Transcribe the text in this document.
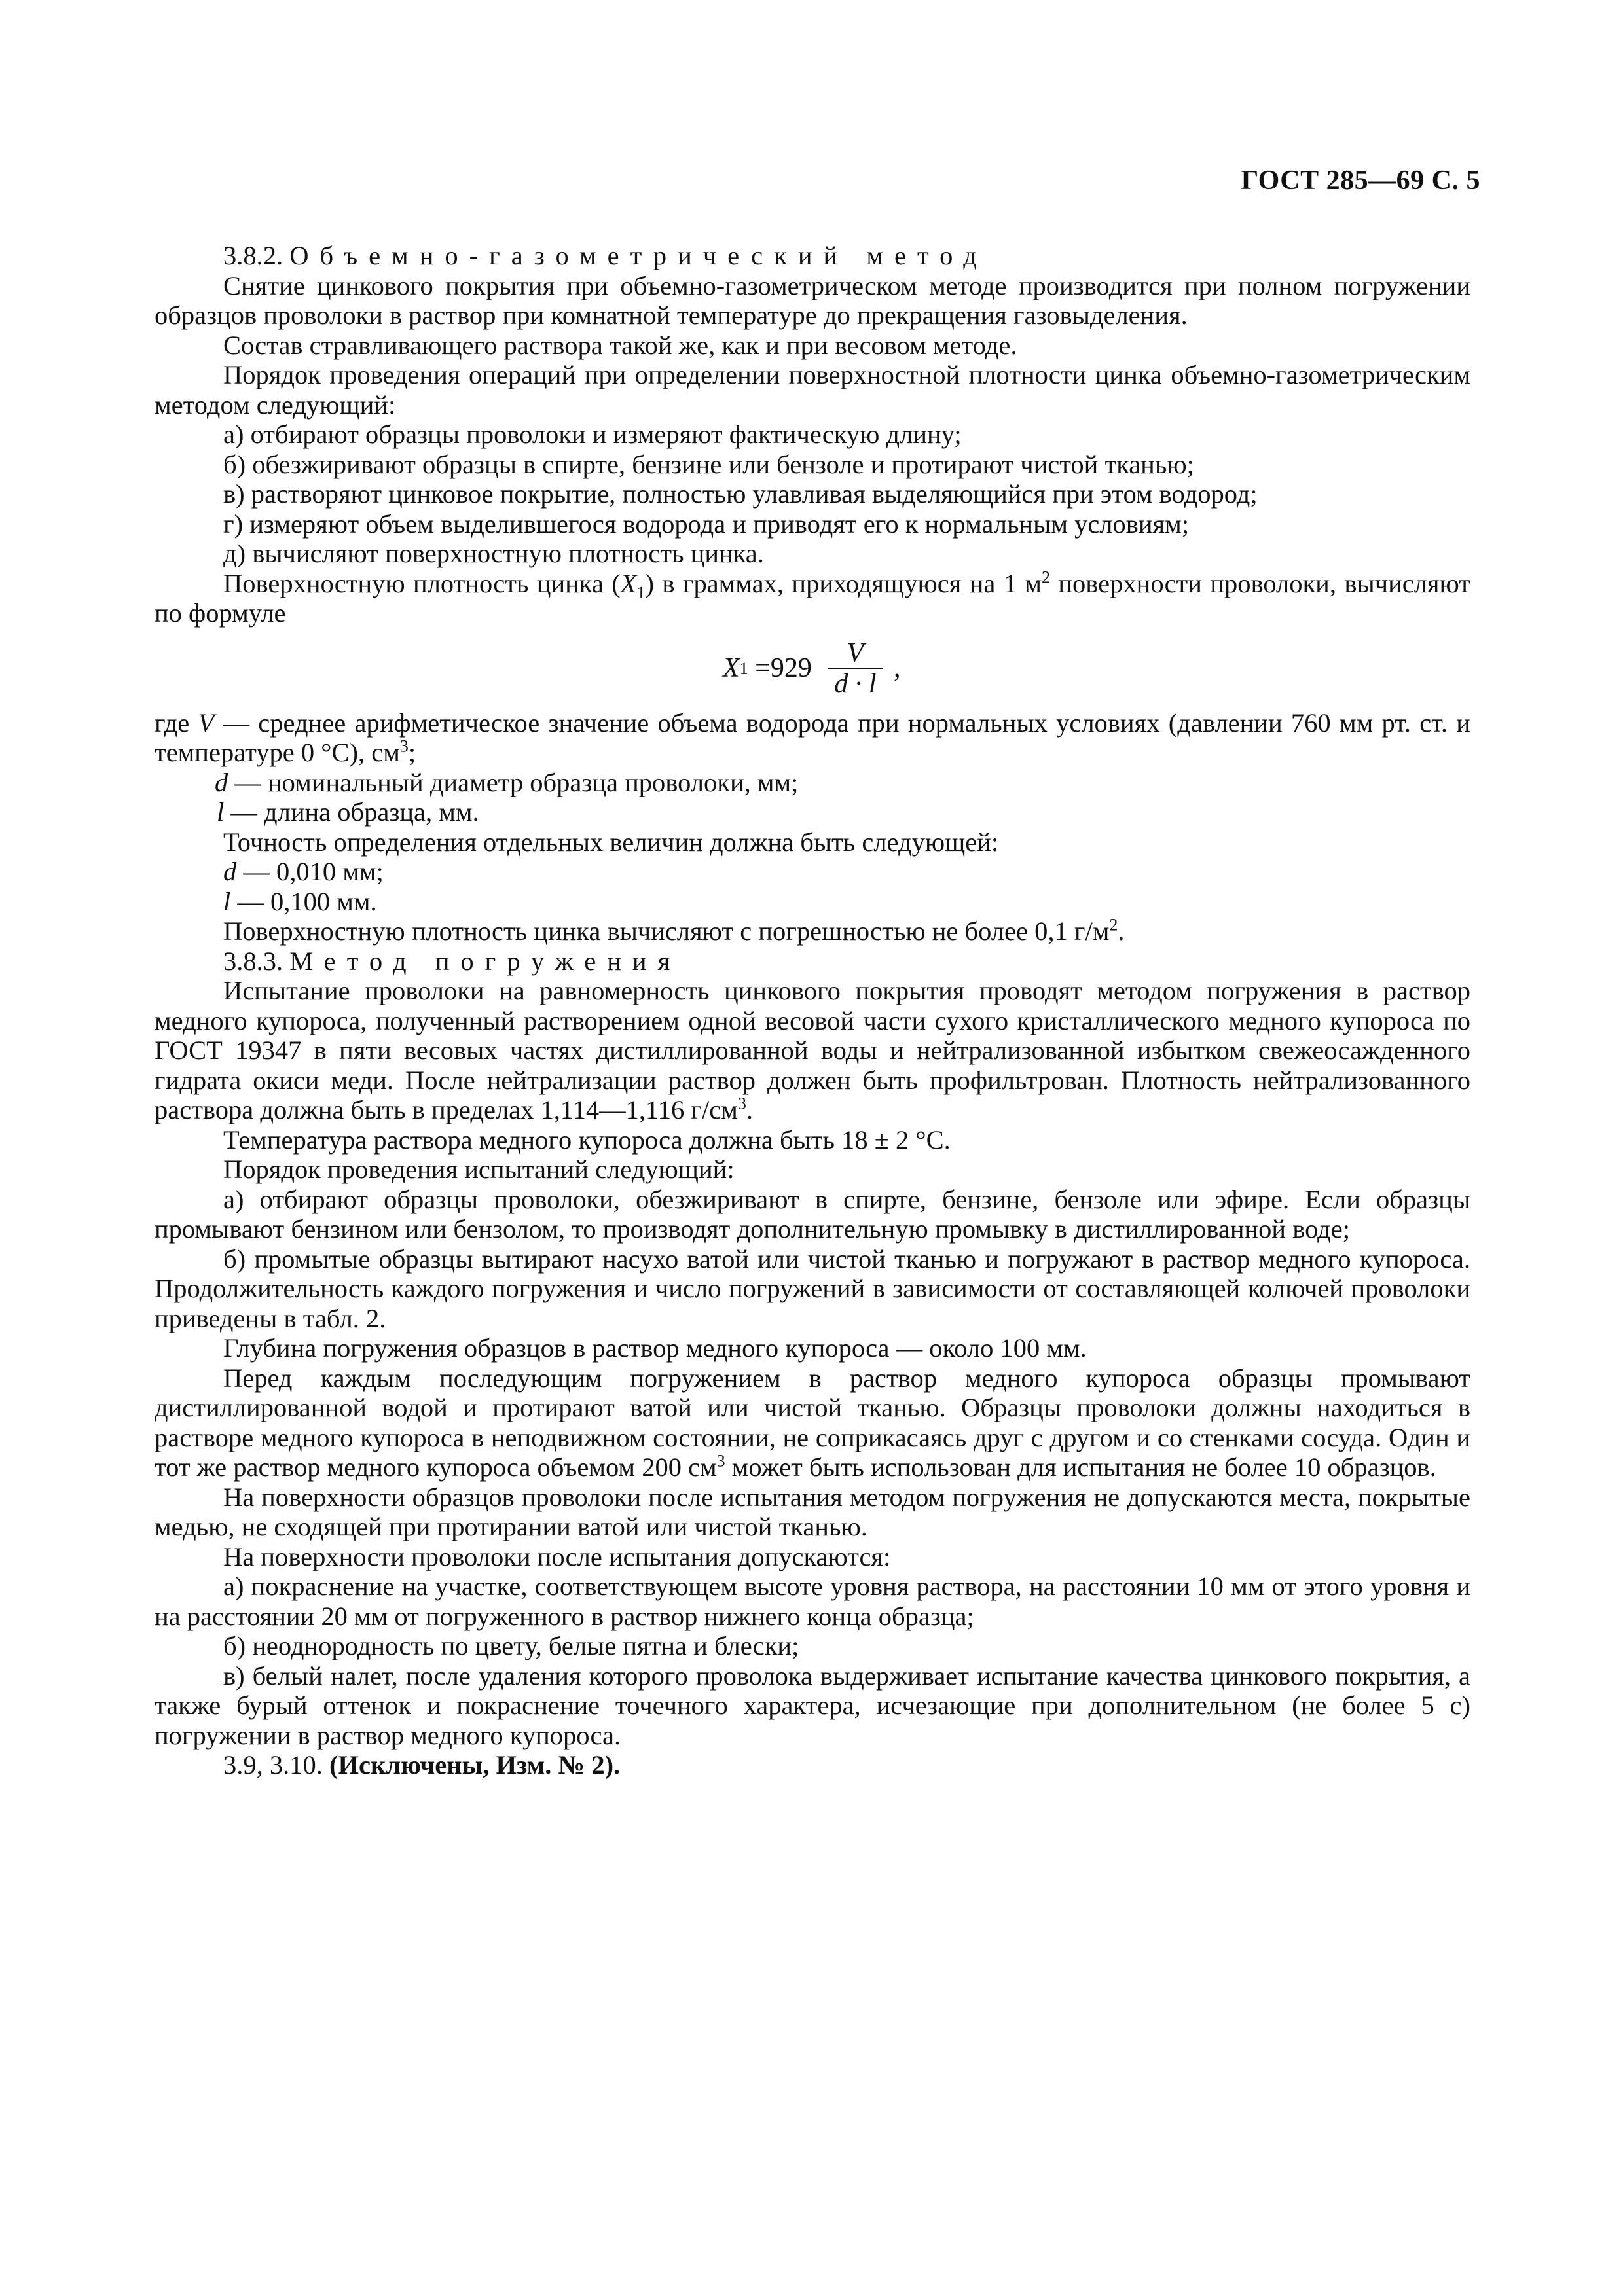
ГОСТ 285—69 С. 5

3.8.2. Объемно-газометрический метод

Снятие цинкового покрытия при объемно-газометрическом методе производится при полном погружении образцов проволоки в раствор при комнатной температуре до прекращения газовыделения.

Состав стравливающего раствора такой же, как и при весовом методе.

Порядок проведения операций при определении поверхностной плотности цинка объемно-газометрическим методом следующий:

а) отбирают образцы проволоки и измеряют фактическую длину;

б) обезжиривают образцы в спирте, бензине или бензоле и протирают чистой тканью;

в) растворяют цинковое покрытие, полностью улавливая выделяющийся при этом водород;

г) измеряют объем выделившегося водорода и приводят его к нормальным условиям;

д) вычисляют поверхностную плотность цинка.

Поверхностную плотность цинка $(X_1)$ в граммах, приходящуюся на 1 $м^2$ поверхности проволоки, вычисляют по формуле

X $1 =929 \frac{V}{d \cdot l}$ ,

где V — среднее арифметическое значение объема водорода при нормальных условиях (давлении 760 мм рт. ст. и температуре 0 °С), $см^3$;

d — номинальный диаметр образца проволоки, мм;

l — длина образца, мм.

Точность определения отдельных величин должна быть следующей:

d — 0,010 мм;

l — 0,100 мм.

Поверхностную плотность цинка вычисляют с погрешностью не более 0,1 $г/м^2$.

3.8.3. Метод погружения

Испытание проволоки на равномерность цинкового покрытия проводят методом погружения в раствор медного купороса, полученный растворением одной весовой части сухого кристаллического медного купороса по ГОСТ 19347 в пяти весовых частях дистиллированной воды и нейтрализованной избытком свежеосажденного гидрата окиси меди. После нейтрализации раствор должен быть профильтрован. Плотность нейтрализованного раствора должна быть в пределах 1,114—1,116 $г/см^3$.

Температура раствора медного купороса должна быть 18 ± 2 °С.

Порядок проведения испытаний следующий:

а) отбирают образцы проволоки, обезжиривают в спирте, бензине, бензоле или эфире. Если образцы промывают бензином или бензолом, то производят дополнительную промывку в дистиллированной воде;

б) промытые образцы вытирают насухо ватой или чистой тканью и погружают в раствор медного купороса. Продолжительность каждого погружения и число погружений в зависимости от составляющей колючей проволоки приведены в табл. 2.

Глубина погружения образцов в раствор медного купороса — около 100 мм.

Перед каждым последующим погружением в раствор медного купороса образцы промывают дистиллированной водой и протирают ватой или чистой тканью. Образцы проволоки должны находиться в растворе медного купороса в неподвижном состоянии, не соприкасаясь друг с другом и со стенками сосуда. Один и тот же раствор медного купороса объемом 200 $см^3$ может быть использован для испытания не более 10 образцов.

На поверхности образцов проволоки после испытания методом погружения не допускаются места, покрытые медью, не сходящей при протирании ватой или чистой тканью.

На поверхности проволоки после испытания допускаются:

а) покраснение на участке, соответствующем высоте уровня раствора, на расстоянии 10 мм от этого уровня и на расстоянии 20 мм от погруженного в раствор нижнего конца образца;

б) неоднородность по цвету, белые пятна и блески;

в) белый налет, после удаления которого проволока выдерживает испытание качества цинкового покрытия, а также бурый оттенок и покраснение точечного характера, исчезающие при дополнительном (не более 5 с) погружении в раствор медного купороса.

3.9, 3.10. (Исключены, Изм. № 2).
